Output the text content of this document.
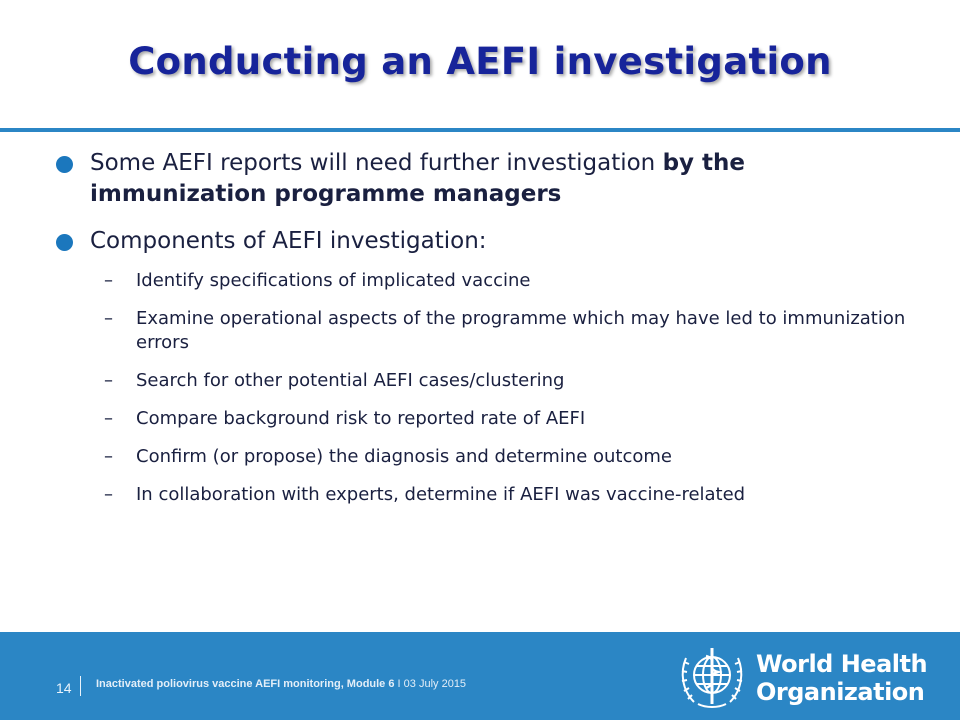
Conducting an AEFI investigation
Some AEFI reports will need further investigation by the immunization programme managers
Components of AEFI investigation:
– Identify specifications of implicated vaccine
– Examine operational aspects of the programme which may have led to immunization errors
– Search for other potential AEFI cases/clustering
– Compare background risk to reported rate of AEFI
– Confirm (or propose) the diagnosis and determine outcome
– In collaboration with experts, determine if AEFI was vaccine-related
14 Inactivated poliovirus vaccine AEFI monitoring, Module 6 I 03 July 2015
World Health
Organization
